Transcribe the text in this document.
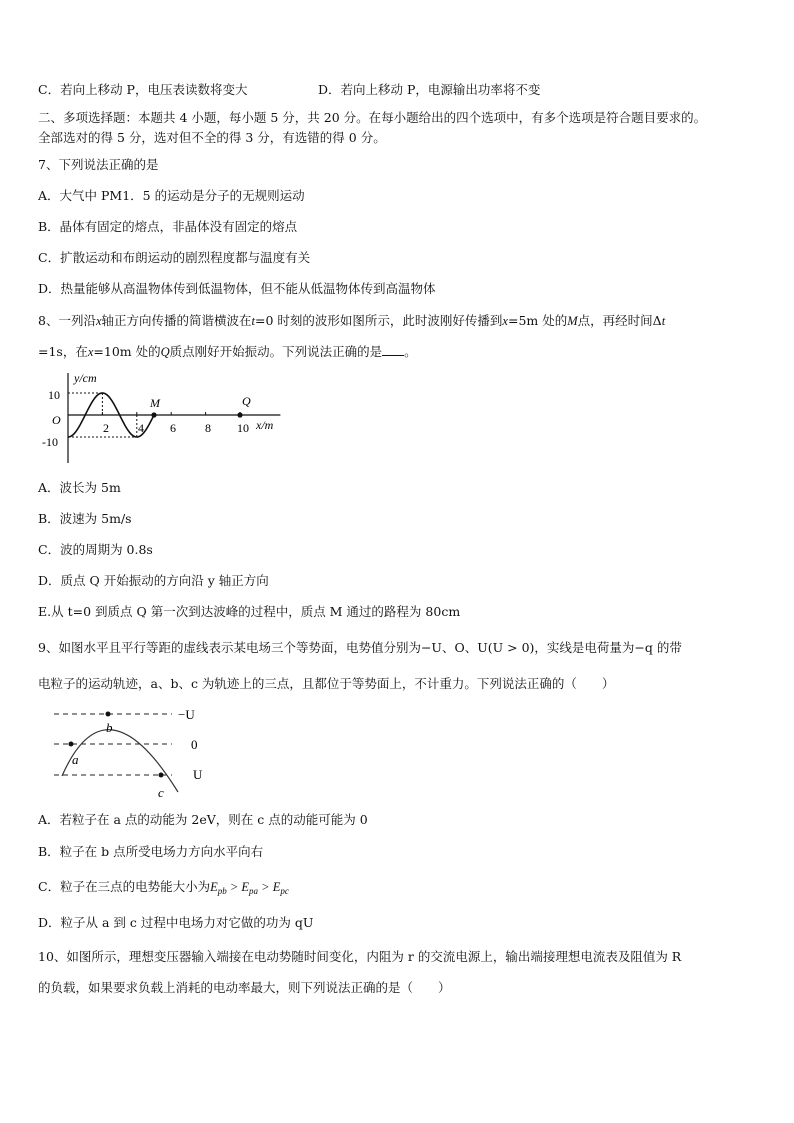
C．若向上移动 P，电压表读数将变大	D．若向上移动 P，电源输出功率将不变
二、多项选择题：本题共 4 小题，每小题 5 分，共 20 分。在每小题给出的四个选项中，有多个选项是符合题目要求的。
全部选对的得 5 分，选对但不全的得 3 分，有选错的得 0 分。
7、下列说法正确的是
A．大气中 PM1．5 的运动是分子的无规则运动
B．晶体有固定的熔点，非晶体没有固定的熔点
C．扩散运动和布朗运动的剧烈程度都与温度有关
D．热量能够从高温物体传到低温物体，但不能从低温物体传到高温物体
8、一列沿x轴正方向传播的简谐横波在t=0 时刻的波形如图所示，此时波刚好传播到x=5m 处的M点，再经时间Δt
=1s，在x=10m 处的Q质点刚好开始振动。下列说法正确的是 。
y/cm
x/m
O
10
-10
2 4 6 8 10
M	Q
A．波长为 5m
B．波速为 5m/s
C．波的周期为 0.8s
D．质点 Q 开始振动的方向沿 y 轴正方向
E.从 t=0 到质点 Q 第一次到达波峰的过程中，质点 M 通过的路程为 80cm
9、如图水平且平行等距的虚线表示某电场三个等势面，电势值分别为−U、O、U(U > 0)，实线是电荷量为−q 的带
电粒子的运动轨迹，a、b、c 为轨迹上的三点，且都位于等势面上，不计重力。下列说法正确的（　　）
−U
0
U
a
b
c
A．若粒子在 a 点的动能为 2eV，则在 c 点的动能可能为 0
B．粒子在 b 点所受电场力方向水平向右
C．粒子在三点的电势能大小为$E_{pb} > E_{pa} > E_{pc}$
D．粒子从 a 到 c 过程中电场力对它做的功为 qU
10、如图所示，理想变压器输入端接在电动势随时间变化，内阻为 r 的交流电源上，输出端接理想电流表及阻值为 R
的负载，如果要求负载上消耗的电动率最大，则下列说法正确的是（　　）
